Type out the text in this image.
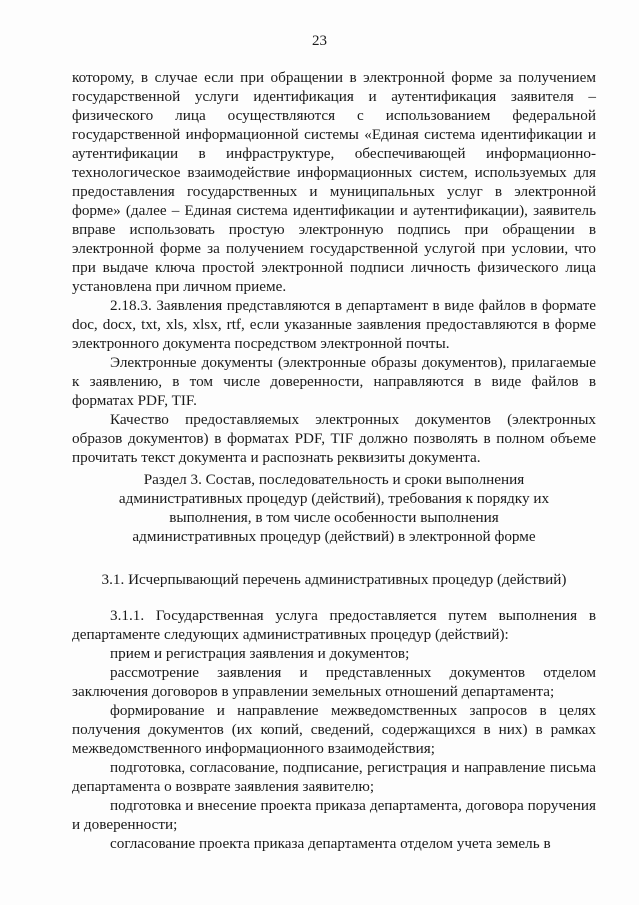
23

которому, в случае если при обращении в электронной форме за получением государственной услуги идентификация и аутентификация заявителя – физического лица осуществляются с использованием федеральной государственной информационной системы «Единая система идентификации и аутентификации в инфраструктуре, обеспечивающей информационно-технологическое взаимодействие информационных систем, используемых для предоставления государственных и муниципальных услуг в электронной форме» (далее – Единая система идентификации и аутентификации), заявитель вправе использовать простую электронную подпись при обращении в электронной форме за получением государственной услугой при условии, что при выдаче ключа простой электронной подписи личность физического лица установлена при личном приеме.

2.18.3. Заявления представляются в департамент в виде файлов в формате doc, docx, txt, xls, xlsx, rtf, если указанные заявления предоставляются в форме электронного документа посредством электронной почты.

Электронные документы (электронные образы документов), прилагаемые к заявлению, в том числе доверенности, направляются в виде файлов в форматах PDF, TIF.

Качество предоставляемых электронных документов (электронных образов документов) в форматах PDF, TIF должно позволять в полном объеме прочитать текст документа и распознать реквизиты документа.

Раздел 3. Состав, последовательность и сроки выполнения
административных процедур (действий), требования к порядку их
выполнения, в том числе особенности выполнения
административных процедур (действий) в электронной форме
3.1. Исчерпывающий перечень административных процедур (действий)

3.1.1. Государственная услуга предоставляется путем выполнения в департаменте следующих административных процедур (действий):

прием и регистрация заявления и документов;

рассмотрение заявления и представленных документов отделом заключения договоров в управлении земельных отношений департамента;

формирование и направление межведомственных запросов в целях получения документов (их копий, сведений, содержащихся в них) в рамках межведомственного информационного взаимодействия;

подготовка, согласование, подписание, регистрация и направление письма департамента о возврате заявления заявителю;

подготовка и внесение проекта приказа департамента, договора поручения и доверенности;

согласование проекта приказа департамента отделом учета земель в
